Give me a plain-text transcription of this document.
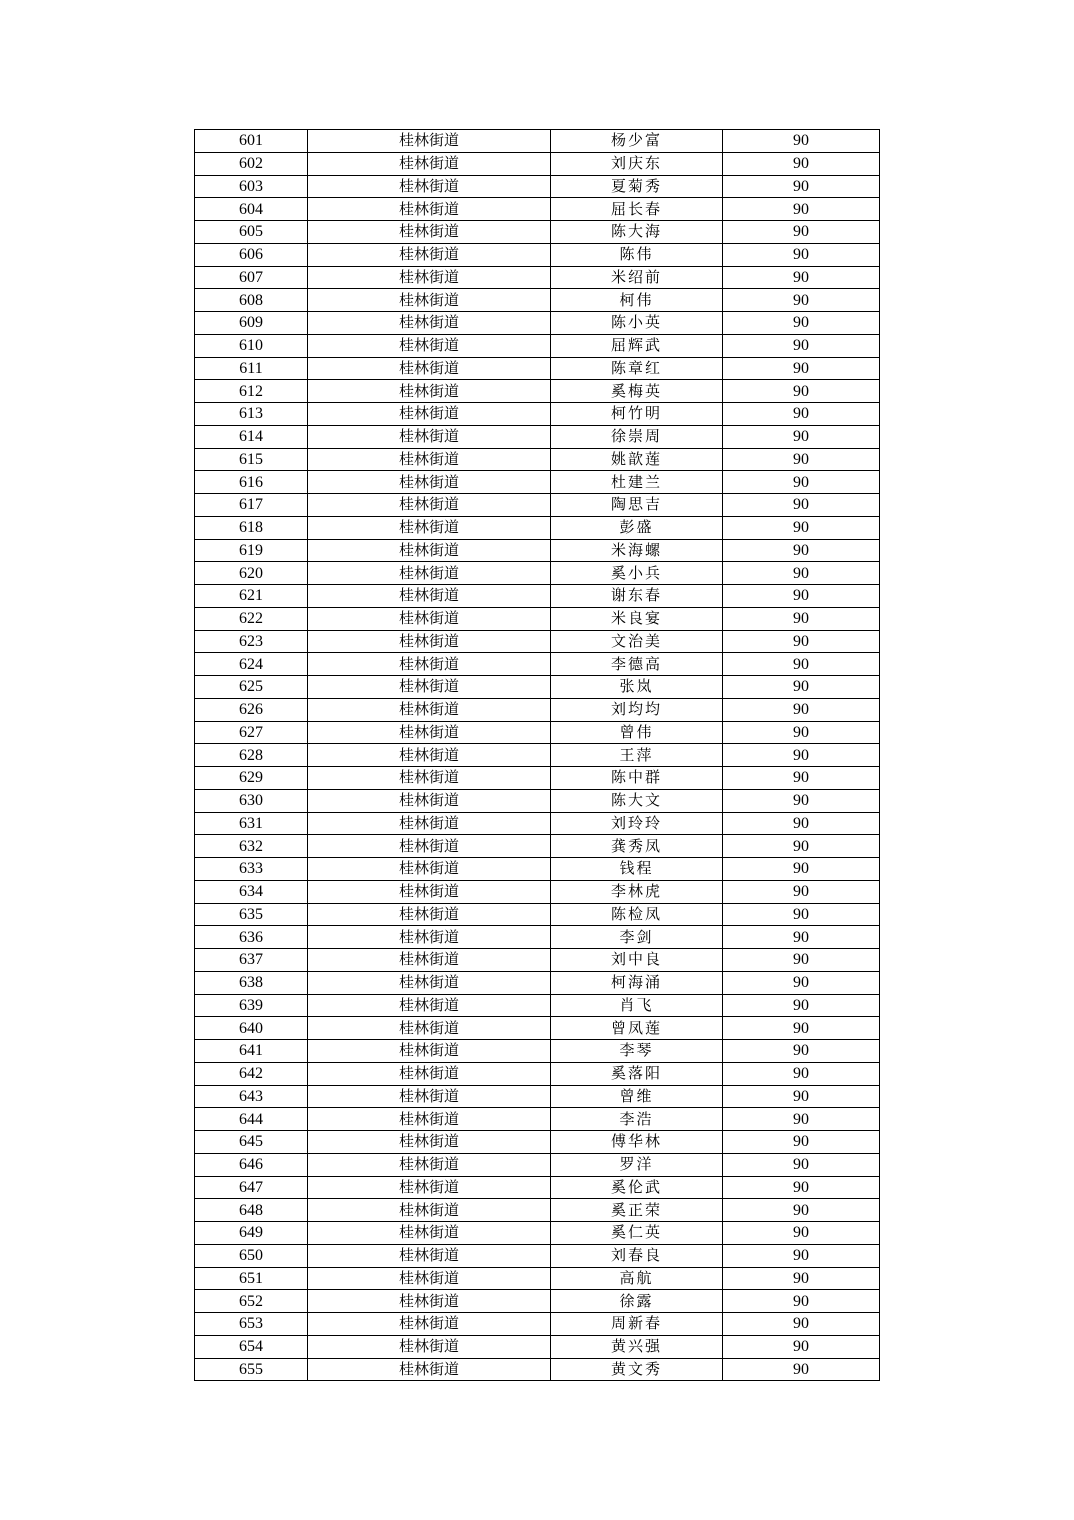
601	桂林街道	杨少富	90
602	桂林街道	刘庆东	90
603	桂林街道	夏菊秀	90
604	桂林街道	屈长春	90
605	桂林街道	陈大海	90
606	桂林街道	陈伟	90
607	桂林街道	米绍前	90
608	桂林街道	柯伟	90
609	桂林街道	陈小英	90
610	桂林街道	屈辉武	90
611	桂林街道	陈章红	90
612	桂林街道	奚梅英	90
613	桂林街道	柯竹明	90
614	桂林街道	徐崇周	90
615	桂林街道	姚歆莲	90
616	桂林街道	杜建兰	90
617	桂林街道	陶思吉	90
618	桂林街道	彭盛	90
619	桂林街道	米海螺	90
620	桂林街道	奚小兵	90
621	桂林街道	谢东春	90
622	桂林街道	米良宴	90
623	桂林街道	文治美	90
624	桂林街道	李德高	90
625	桂林街道	张岚	90
626	桂林街道	刘均均	90
627	桂林街道	曾伟	90
628	桂林街道	王萍	90
629	桂林街道	陈中群	90
630	桂林街道	陈大文	90
631	桂林街道	刘玲玲	90
632	桂林街道	龚秀凤	90
633	桂林街道	钱程	90
634	桂林街道	李林虎	90
635	桂林街道	陈检凤	90
636	桂林街道	李剑	90
637	桂林街道	刘中良	90
638	桂林街道	柯海涌	90
639	桂林街道	肖飞	90
640	桂林街道	曾凤莲	90
641	桂林街道	李琴	90
642	桂林街道	奚落阳	90
643	桂林街道	曾维	90
644	桂林街道	李浩	90
645	桂林街道	傅华林	90
646	桂林街道	罗洋	90
647	桂林街道	奚伦武	90
648	桂林街道	奚正荣	90
649	桂林街道	奚仁英	90
650	桂林街道	刘春良	90
651	桂林街道	高航	90
652	桂林街道	徐露	90
653	桂林街道	周新春	90
654	桂林街道	黄兴强	90
655	桂林街道	黄文秀	90
